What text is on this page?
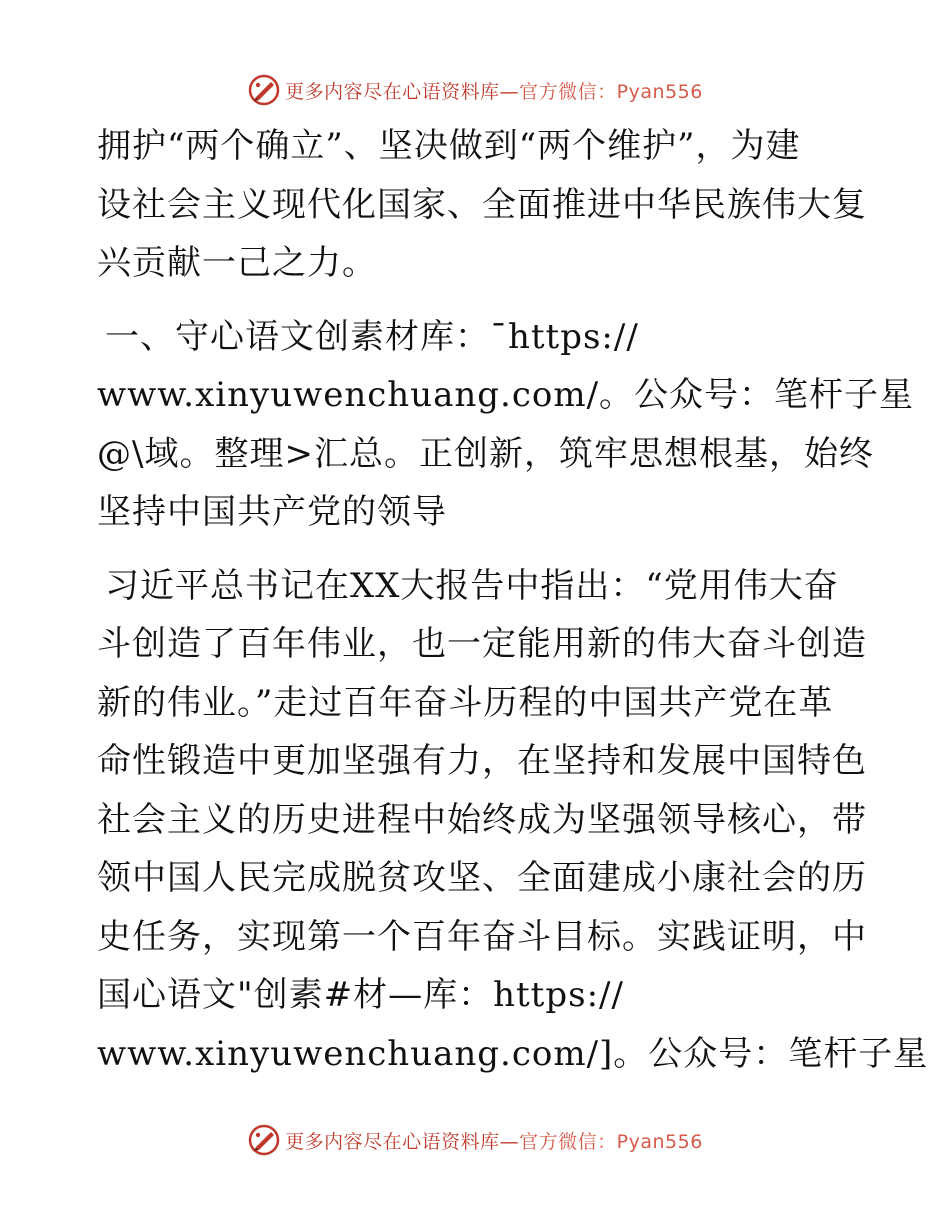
更多内容尽在心语资料库—官方微信：Pyan556

拥护“两个确立”、坚决做到“两个维护”，为建
设社会主义现代化国家、全面推进中华民族伟大复
兴贡献一己之力。

一、守心语文创素材库：¯https://
www.xinyuwenchuang.com/。公众号：笔杆子星
@\域。整理>汇总。正创新，筑牢思想根基，始终
坚持中国共产党的领导

习近平总书记在XX大报告中指出：“党用伟大奋
斗创造了百年伟业，也一定能用新的伟大奋斗创造
新的伟业。”走过百年奋斗历程的中国共产党在革
命性锻造中更加坚强有力，在坚持和发展中国特色
社会主义的历史进程中始终成为坚强领导核心，带
领中国人民完成脱贫攻坚、全面建成小康社会的历
史任务，实现第一个百年奋斗目标。实践证明，中
国心语文"创素#材—库：https://
www.xinyuwenchuang.com/]。公众号：笔杆子星

更多内容尽在心语资料库—官方微信：Pyan556
